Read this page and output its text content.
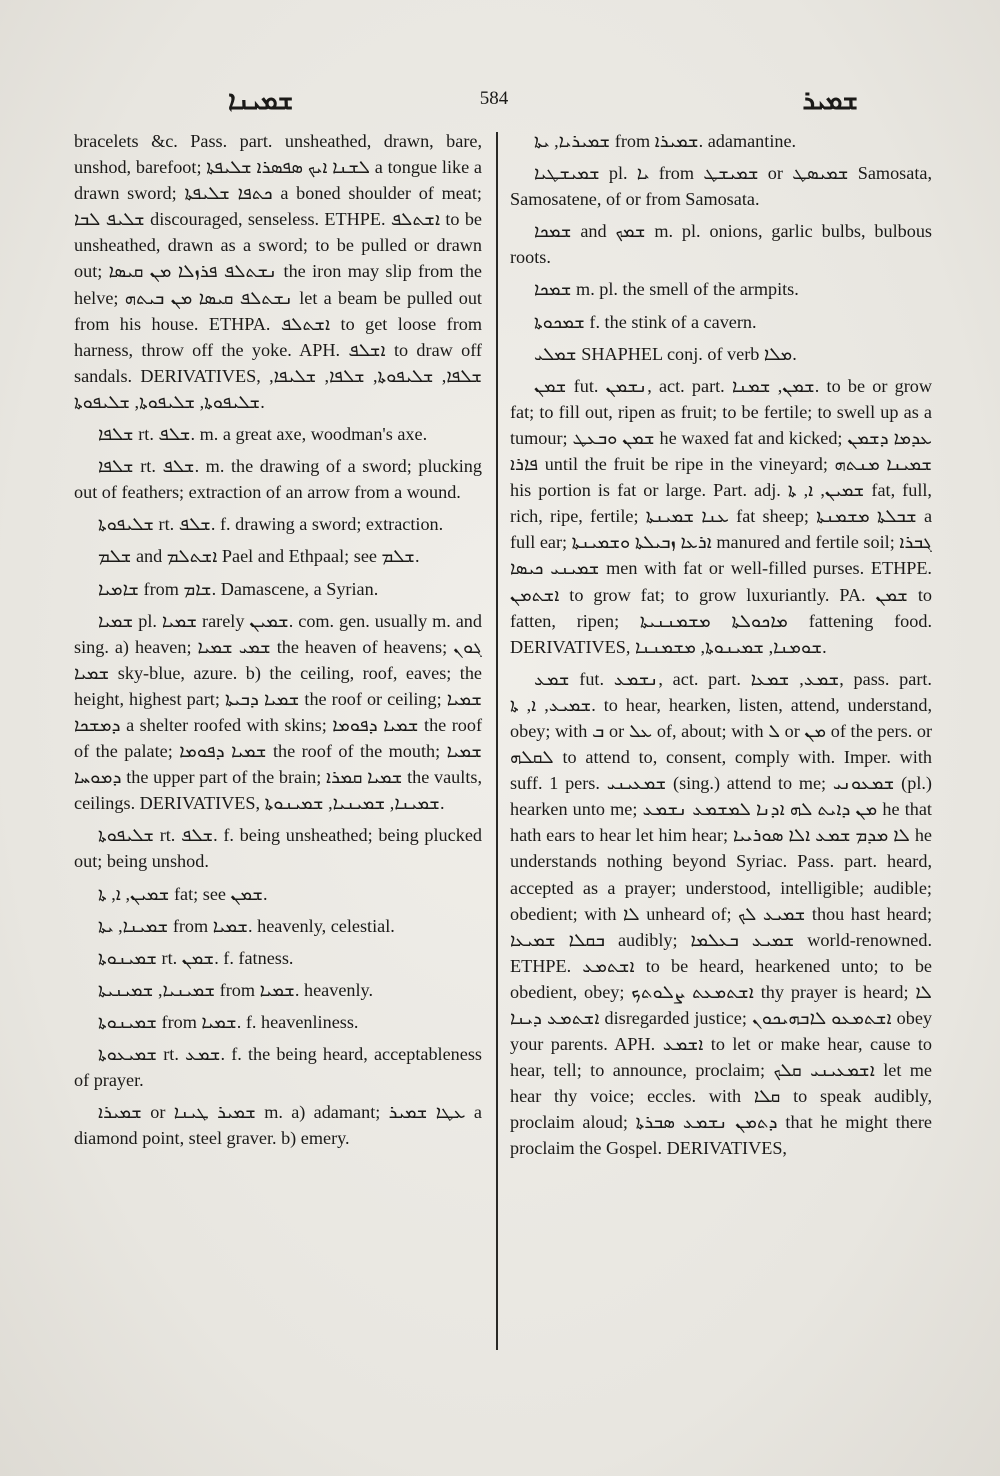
ܫܡܝܢܐ	584	ܫܡܝܪ

bracelets &c. Pass. part. unsheathed, drawn, bare, unshod, barefoot; ܠܫܢܐ ܐܝܟ ܣܦܣܪܐ ܫܠܝܦܬܐ a tongue like a drawn sword; ܟܬܦܐ ܫܠܝܦܬܐ a boned shoulder of meat; ܫܠܝܦ ܠܒܐ discouraged, senseless. ETHPE. ܐܫܬܠܦ to be unsheathed, drawn as a sword; to be pulled or drawn out; ܢܫܬܠܦ ܦܪܙܠܐ ܡܢ ܩܝܣܐ the iron may slip from the helve; ܢܫܬܠܦ ܩܝܣܐ ܡܢ ܒܝܬܗ let a beam be pulled out from his house. ETHPA. ܐܫܬܠܦ to get loose from harness, throw off the yoke. APH. ܐܫܠܦ to draw off sandals. DERIVATIVES, ܫܠܦܐ, ܫܠܝܦܘܬܐ, ܫܠܦܐ, ܫܠܝܦܐ, ܫܠܝܦܘܬܐ, ܫܠܝܦܘܬܐ, ܫܠܝܦܘܬܐ.

ܫܠܦܐ rt. ܫܠܦ. m. a great axe, woodman's axe.

ܫܠܦܐ rt. ܫܠܦ. m. the drawing of a sword; plucking out of feathers; extraction of an arrow from a wound.

ܫܠܝܦܘܬܐ rt. ܫܠܦ. f. drawing a sword; extraction.

ܫܠܡ and ܐܫܬܠܡ Pael and Ethpaal; see ܫܠܡ.

ܫܐܡܝܐ from ܫܐܡ. Damascene, a Syrian.

ܫܡܝܐ pl. ܫܡܝܐ rarely ܫܡܝܢ. com. gen. usually m. and sing. a) heaven; ܫܡܝ ܫܡܝܐ the heaven of heavens; ܓܘܢ ܫܡܝܐ sky-blue, azure. b) the ceiling, roof, eaves; the height, highest part; ܫܡܝܐ ܕܒܝܬܐ the roof or ceiling; ܫܡܝܐ ܕܡܫܟܐ a shelter roofed with skins; ܫܡܝܐ ܕܦܘܡܐ the roof of the palate; ܫܡܝܐ ܕܦܘܡܐ the roof of the mouth; ܫܡܝܐ ܕܡܘܚܐ the upper part of the brain; ܫܡܝܐ ܩܡܪܐ the vaults, ceilings. DERIVATIVES, ܫܡܝܢܐ, ܫܡܝܢܝܐ, ܫܡܝܢܘܬܐ.

ܫܠܝܦܘܬܐ rt. ܫܠܦ. f. being unsheathed; being plucked out; being unshod.

ܫܡܝܢ, ܐ, ܬܐ fat; see ܫܡܢ.

ܫܡܝܢܐ, ܝܬܐ from ܫܡܝܐ. heavenly, celestial.

ܫܡܝܢܘܬܐ rt. ܫܡܢ. f. fatness.

ܫܡܝܢܝܐ, ܫܡܝܢܝܬܐ from ܫܡܝܐ. heavenly.

ܫܡܝܢܘܬܐ from ܫܡܝܐ. f. heavenliness.

ܫܡܝܥܘܬܐ rt. ܫܡܥ. f. the being heard, acceptableness of prayer.

ܫܡܝܪܐ or ܫܡܝܪ ܛܝܢܐ m. a) adamant; ܥܛܐ ܫܡܝܪ a diamond point, steel graver. b) emery.

ܫܡܝܪܝܐ, ܝܬܐ from ܫܡܝܪܐ. adamantine.

ܫܡܝܫܛܝܐ pl. ܝܐ from ܫܡܝܫܛ or ܫܡܝܣܛ Samosata, Samosatene, of or from Samosata.

ܫܡܟܐ and ܫܡܟ m. pl. onions, garlic bulbs, bulbous roots.

ܫܡܟܐ m. pl. the smell of the armpits.

ܫܡܟܘܬܐ f. the stink of a cavern.

ܫܡܠܝ SHAPHEL conj. of verb ܡܠܐ.

ܫܡܢ fut. ܢܫܡܢ, act. part. ܫܡܢ, ܫܡܢܐ. to be or grow fat; to fill out, ripen as fruit; to be fertile; to swell up as a tumour; ܫܡܢ ܘܒܥܛ he waxed fat and kicked; ܥܕܡܐ ܕܫܡܢ ܦܐܪܐ until the fruit be ripe in the vineyard; ܫܡܝܢܐ ܡܢܬܗ his portion is fat or large. Part. adj. ܫܡܝܢ, ܐ, ܬܐ fat, full, rich, ripe, fertile; ܥܢܐ ܫܡܝܢܬܐ fat sheep; ܫܒܠܬܐ ܡܫܡܢܬܐ a full ear; ܐܪܥܐ ܙܒܝܠܬܐ ܘܫܡܝܢܬܐ manured and fertile soil; ܓܒܪܐ ܫܡܝܢܝ ܟܝܣܐ men with fat or well-filled purses. ETHPE. ܐܫܬܡܢ to grow fat; to grow luxuriantly. PA. ܫܡܢ to fatten, ripen; ܡܐܟܘܠܬܐ ܡܫܡܢܢܝܬܐ fattening food. DERIVATIVES, ܫܘܡܢܐ, ܫܡܝܢܘܬܐ, ܡܫܡܢܢܐ.

ܫܡܥ fut. ܢܫܡܥ, act. part. ܫܡܥ, ܫܡܥܐ, pass. part. ܫܡܝܥ, ܐ, ܬܐ. to hear, hearken, listen, attend, understand, obey; with ܒ or ܥܠ of, about; with ܠ or ܡܢ of the pers. or ܠܩܠܗ to attend to, consent, comply with. Imper. with suff. 1 pers. ܫܡܥܝܢܝ (sing.) attend to me; ܫܡܥܘܢܝ (pl.) hearken unto me; ܡܢ ܕܐܝܬ ܠܗ ܐܕܢܐ ܠܡܫܡܥ ܢܫܡܥ he that hath ears to hear let him hear; ܠܐ ܡܕܡ ܫܡܥ ܐܠܐ ܣܘܪܝܝܐ he understands nothing beyond Syriac. Pass. part. heard, accepted as a prayer; understood, intelligible; audible; obedient; with ܠܐ unheard of; ܫܡܝܥ ܠܟ thou hast heard; ܒܩܠܐ ܫܡܝܥܐ audibly; ܫܡܝܥ ܒܥܠܡܐ world-renowned. ETHPE. ܐܫܬܡܥ to be heard, hearkened unto; to be obedient, obey; ܐܫܬܡܥܬ ܨܠܘܬܟ thy prayer is heard; ܠܐ ܐܫܬܡܥ ܕܝܢܐ disregarded justice; ܐܫܬܡܥܘ ܠܐܒܗܝܟܘܢ obey your parents. APH. ܐܫܡܥ to let or make hear, cause to hear, tell; to announce, proclaim; ܐܫܡܥܝܢܝ ܩܠܟ let me hear thy voice; eccles. with ܩܠܐ to speak audibly, proclaim aloud; ܕܬܡܢ ܢܫܡܥ ܣܒܪܬܐ that he might there proclaim the Gospel. DERIVATIVES,
